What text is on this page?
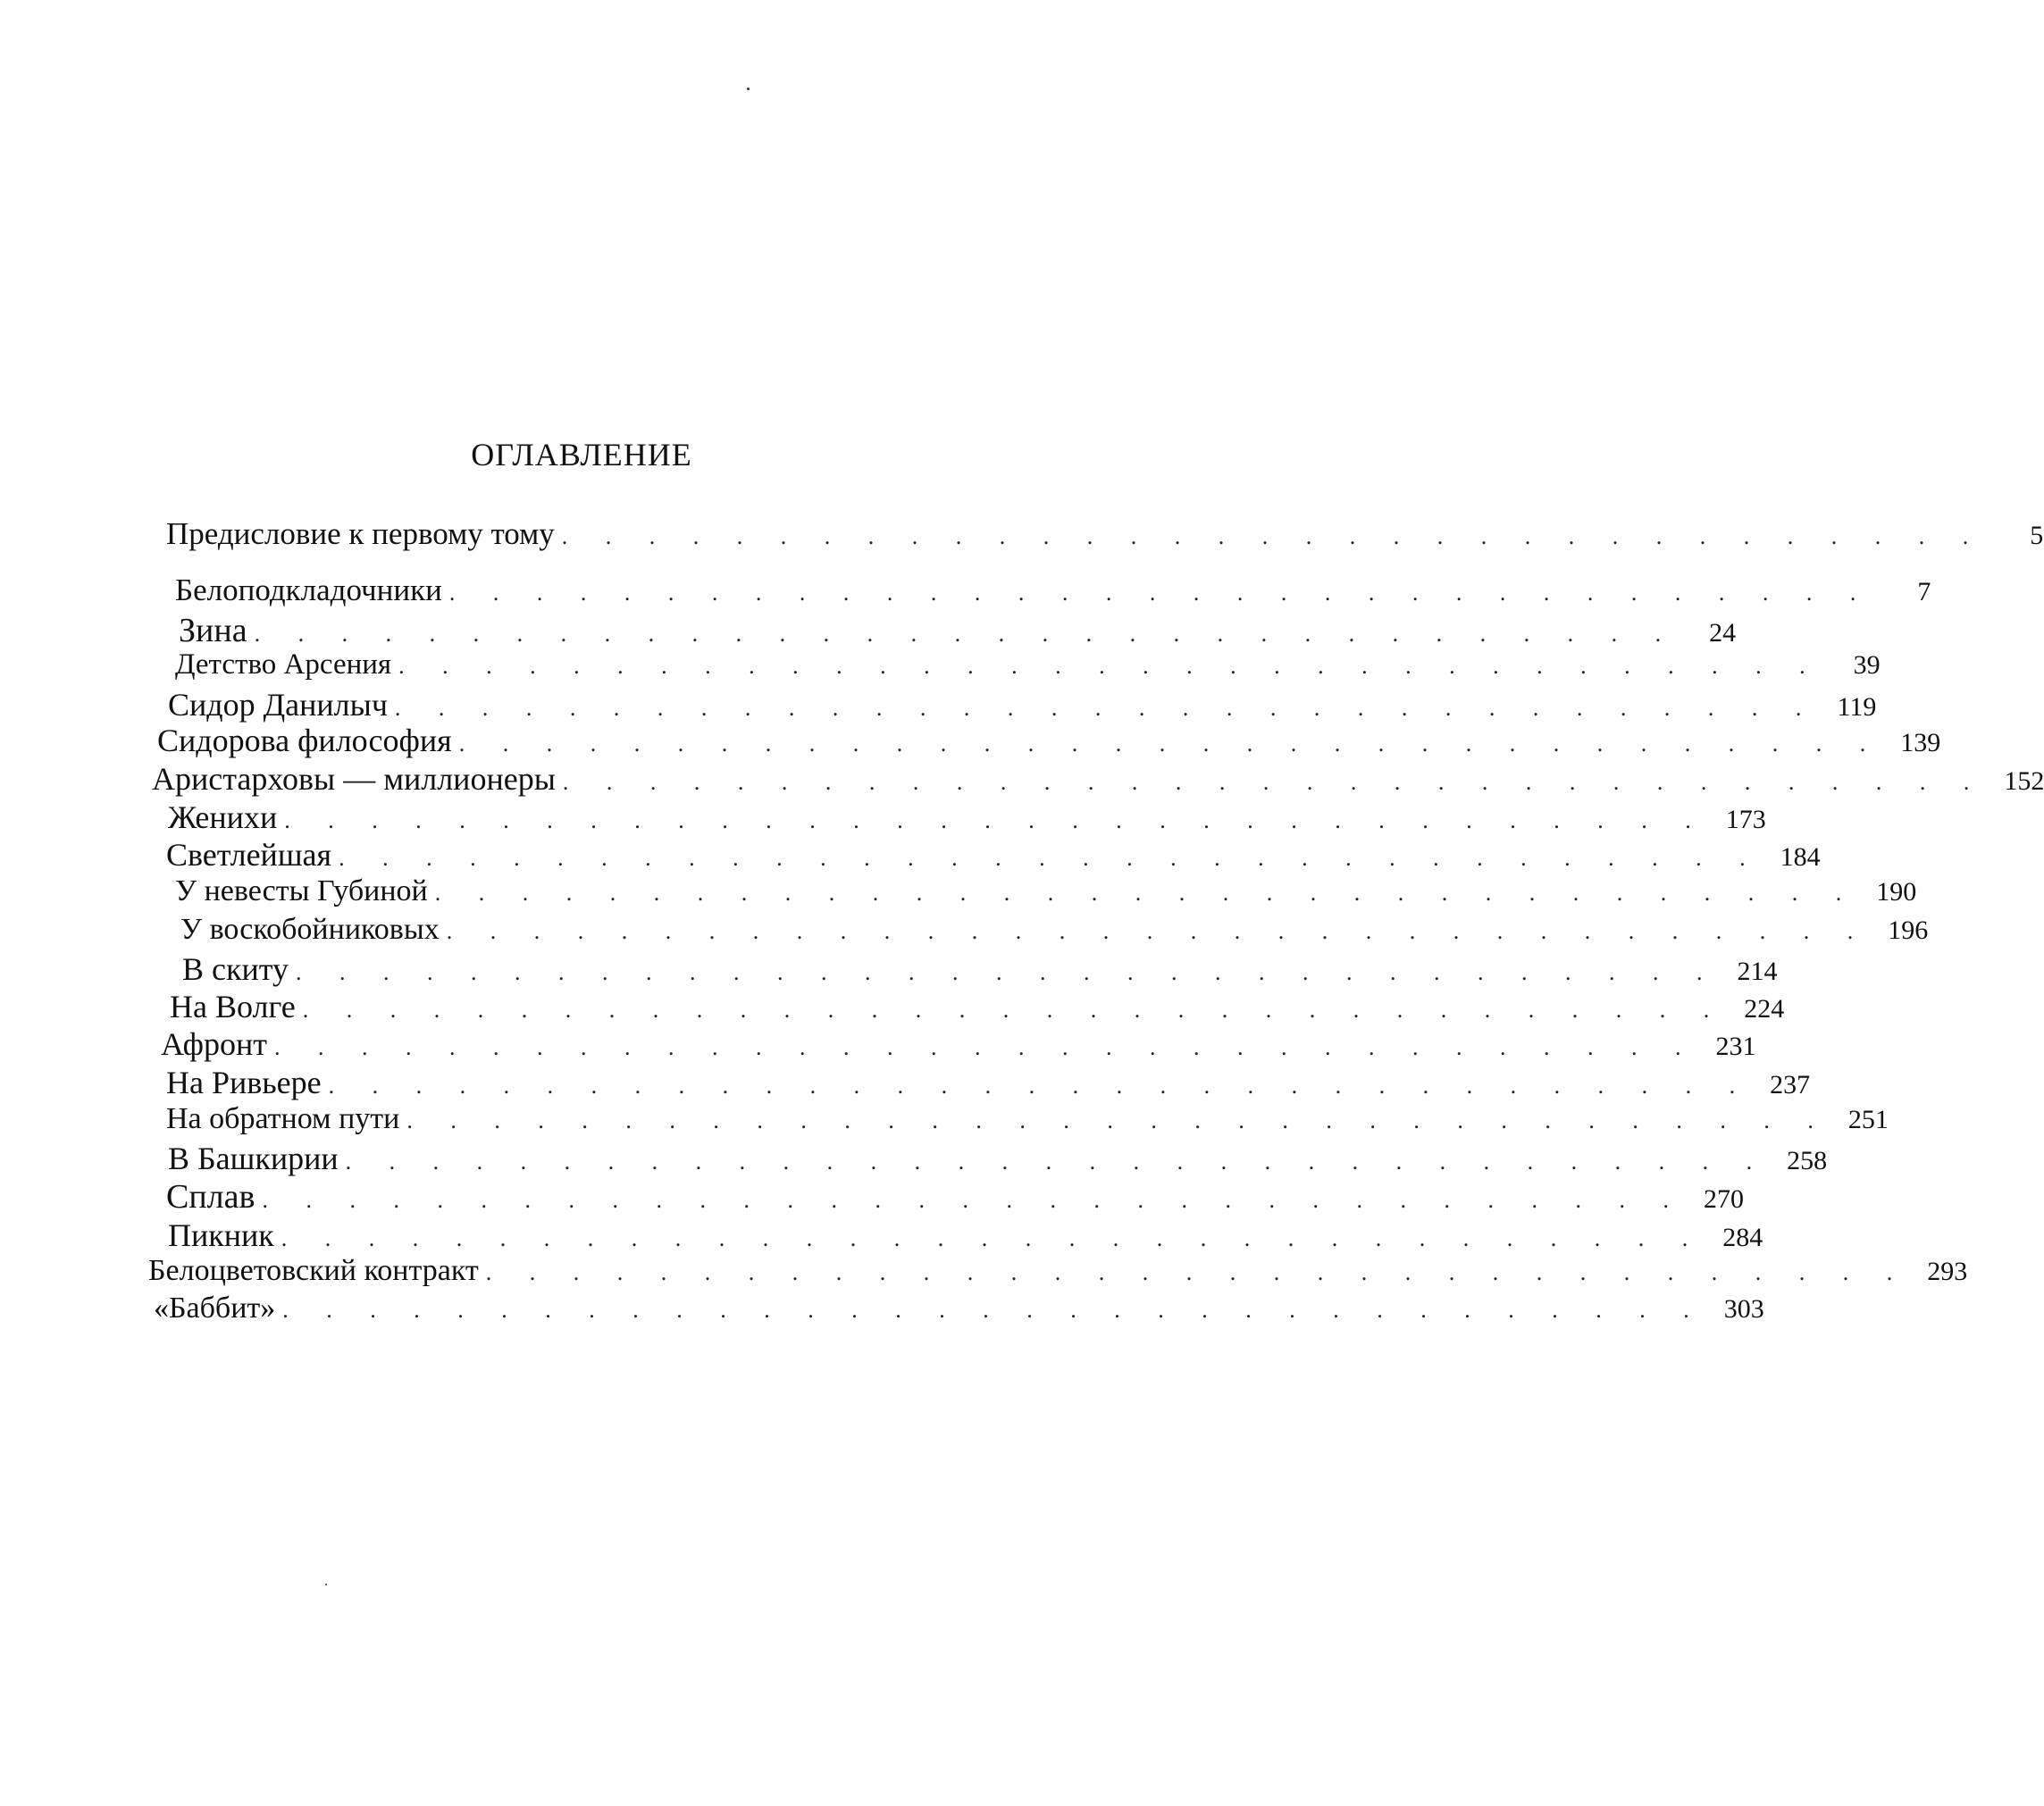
ОГЛАВЛЕНИЕ
Предисловие к первому тому . . . . . . . . . . . . . . . . . . . . . . . . . . . . . . . . .	5
Белоподкладочники . . . . . . . . . . . . . . . . . . . . . . . . . . . . . . . . .	7
Зина . . . . . . . . . . . . . . . . . . . . . . . . . . . . . . . . .	24
Детство Арсения . . . . . . . . . . . . . . . . . . . . . . . . . . . . . . . . .	39
Сидор Данилыч . . . . . . . . . . . . . . . . . . . . . . . . . . . . . . . . . 119
Сидорова философия . . . . . . . . . . . . . . . . . . . . . . . . . . . . . . . . . 139
Аристарховы — миллионеры . . . . . . . . . . . . . . . . . . . . . . . . . . . . . . . . . 152
Женихи . . . . . . . . . . . . . . . . . . . . . . . . . . . . . . . . . 173
Светлейшая . . . . . . . . . . . . . . . . . . . . . . . . . . . . . . . . . 184
У невесты Губиной . . . . . . . . . . . . . . . . . . . . . . . . . . . . . . . . . 190
У воскобойниковых . . . . . . . . . . . . . . . . . . . . . . . . . . . . . . . . . 196
В скиту . . . . . . . . . . . . . . . . . . . . . . . . . . . . . . . . . 214
На Волге . . . . . . . . . . . . . . . . . . . . . . . . . . . . . . . . . 224
Афронт . . . . . . . . . . . . . . . . . . . . . . . . . . . . . . . . . 231
На Ривьере . . . . . . . . . . . . . . . . . . . . . . . . . . . . . . . . . 237
На обратном пути . . . . . . . . . . . . . . . . . . . . . . . . . . . . . . . . . 251
В Башкирии . . . . . . . . . . . . . . . . . . . . . . . . . . . . . . . . . 258
Сплав . . . . . . . . . . . . . . . . . . . . . . . . . . . . . . . . . 270
Пикник . . . . . . . . . . . . . . . . . . . . . . . . . . . . . . . . . 284
Белоцветовский контракт . . . . . . . . . . . . . . . . . . . . . . . . . . . . . . . . . 293
«Баббит» . . . . . . . . . . . . . . . . . . . . . . . . . . . . . . . . . 303
